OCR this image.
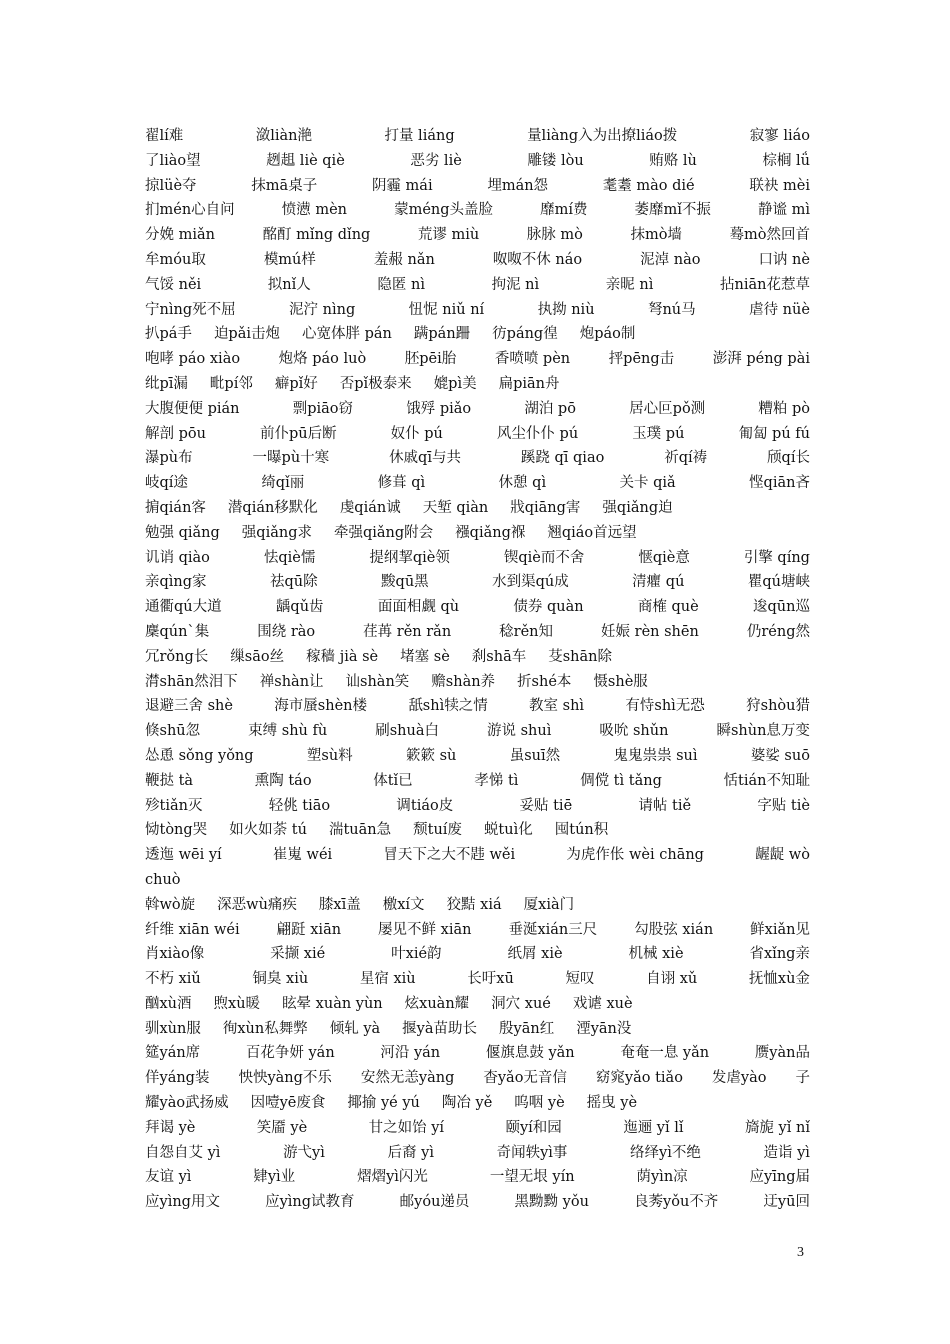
翟lí难	潋liàn滟	打量 liáng	量liàng入为出撩liáo拨	寂寥 liáo
了liào望	趔趄 liè qiè	恶劣 liè	雕镂 lòu	贿赂 lù	棕榈 lǘ
掠lüè夺	抹mā桌子	阴霾 mái	埋mán怨	耄耋 mào dié	联袂 mèi
扪mén心自问	愤懑 mèn	蒙méng头盖脸	靡mí费	萎靡mǐ不振	静谧 mì
分娩 miǎn	酩酊 mǐng dǐng	荒谬 miù	脉脉 mò	抹mò墙	蓦mò然回首
牟móu取	模mú样	羞赧 nǎn	呶呶不休 náo	泥淖 nào	口讷 nè
气馁 něi	拟nǐ人	隐匿 nì	拘泥 nì	亲昵 nì	拈niān花惹草
宁nìng死不屈	泥泞 nìng	忸怩 niǔ ní	执拗 niù	弩nú马	虐待 nüè
扒pá手 迫pǎi击炮 心宽体胖 pán 蹒pán跚 彷páng徨 炮páo制
咆哮 páo xiào	炮烙 páo luò	胚pēi胎	香喷喷 pèn	抨pēng击	澎湃 péng pài
纰pī漏 毗pí邻 癖pǐ好 否pǐ极泰来 媲pì美 扁piān舟
大腹便便 pián	剽piāo窃	饿殍 piǎo	湖泊 pō	居心叵pǒ测	糟粕 pò
解剖 pōu	前仆pū后断	奴仆 pú	风尘仆仆 pú	玉璞 pú	匍匐 pú fú
瀑pù布	一曝pù十寒	休戚qī与共	蹊跷 qī qiao	祈qí祷	颀qí长
岐qí途	绮qǐ丽	修葺 qì	休憩 qì	关卡 qiǎ	悭qiān吝
掮qián客 潜qián移默化 虔qián诚 天堑 qiàn 戕qiāng害 强qiǎng迫
勉强 qiǎng 强qiǎng求 牵强qiǎng附会 襁qiǎng褓 翘qiáo首远望
讥诮 qiào	怯qiè懦	提纲挈qiè领	锲qiè而不舍	惬qiè意	引擎 qíng
亲qìng家	祛qū除	黢qū黑	水到渠qú成	清癯 qú	瞿qú塘峡
通衢qú大道	龋qǔ齿	面面相觑 qù	债券 quàn	商榷 què	逡qūn巡
麇qún`集	围绕 rào	荏苒 rěn rǎn	稔rěn知	妊娠 rèn shēn	仍réng然
冗rǒng长 缫sāo丝 稼穑 jià sè 堵塞 sè 刹shā车 芟shān除
潸shān然泪下 禅shàn让 讪shàn笑 赡shàn养 折shé本 慑shè服
退避三舍 shè	海市蜃shèn楼	舐shì犊之情	教室 shì	有恃shì无恐	狩shòu猎
倏shū忽	束缚 shù fù	刷shuà白	游说 shuì	吸吮 shǔn	瞬shùn息万变
怂恿 sǒng yǒng	塑sù料	簌簌 sù	虽suī然	鬼鬼祟祟 suì	婆娑 suō
鞭挞 tà	熏陶 táo	体tǐ已	孝悌 tì	倜傥 tì tǎng	恬tián不知耻
殄tiǎn灭	轻佻 tiāo	调tiáo皮	妥贴 tiē	请帖 tiě	字贴 tiè
恸tòng哭 如火如荼 tú 湍tuān急 颓tuí废 蜕tuì化 囤tún积
透迤 wēi yí	崔嵬 wéi	冒天下之大不韪 wěi	为虎作伥 wèi chāng	龌龊 wò
chuò
斡wò旋 深恶wù痛疾 膝xī盖 檄xí文 狡黠 xiá 厦xià门
纤维 xiān wéi	翩跹 xiān	屡见不鲜 xiān	垂涎xián三尺	勾股弦 xián	鲜xiǎn见
肖xiào像	采撷 xié	叶xié韵	纸屑 xiè	机械 xiè	省xǐng亲
不朽 xiǔ	铜臭 xiù	星宿 xiù	长吁xū	短叹	自诩 xǔ	抚恤xù金
酗xù酒 煦xù暖 眩晕 xuàn yùn 炫xuàn耀 洞穴 xué 戏谑 xuè
驯xùn服 徇xùn私舞弊 倾轧 yà 揠yà苗助长 殷yān红 湮yān没
筵yán席	百花争妍 yán	河沿 yán	偃旗息鼓 yǎn	奄奄一息 yǎn	赝yàn品
佯yáng装 怏怏yàng不乐 安然无恙yàng 杳yǎo无音信 窈窕yǎo tiǎo 发虐yào 子
耀yào武扬威 因噎yē废食 揶揄 yé yú 陶冶 yě 呜咽 yè 摇曳 yè
拜谒 yè	笑靥 yè	甘之如饴 yí	颐yí和园	迤逦 yǐ lǐ	旖旎 yǐ nǐ
自怨自艾 yì	游弋yì	后裔 yì	奇闻轶yì事	络绎yì不绝	造诣 yì
友谊 yì	肄yì业	熠熠yì闪光	一望无垠 yín	荫yìn凉	应yīng届
应yìng用文	应yìng试教育	邮yóu递员	黑黝黝 yǒu	良莠yǒu不齐	迂yū回
3
